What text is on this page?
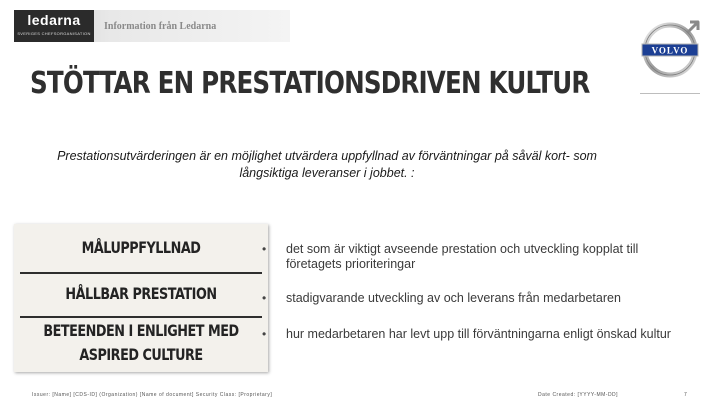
ledarna
SVERIGES CHEFSORGANISATION
Information från Ledarna
VOLVO
STÖTTAR EN PRESTATIONSDRIVEN KULTUR
Prestationsutvärderingen är en möjlighet utvärdera uppfyllnad av förväntningar på såväl kort- som långsiktiga leveranser i jobbet. :
MÅLUPPFYLLNAD
HÅLLBAR PRESTATION
BETEENDEN I ENLIGHET MED
ASPIRED CULTURE
• det som är viktigt avseende prestation och utveckling kopplat till företagets prioriteringar
• stadigvarande utveckling av och leverans från medarbetaren
• hur medarbetaren har levt upp till förväntningarna enligt önskad kultur
Issuer: [Name] [CDS-ID] (Organization) [Name of document] Security Class: [Proprietary]	Date Created: [YYYY-MM-DD]	7
